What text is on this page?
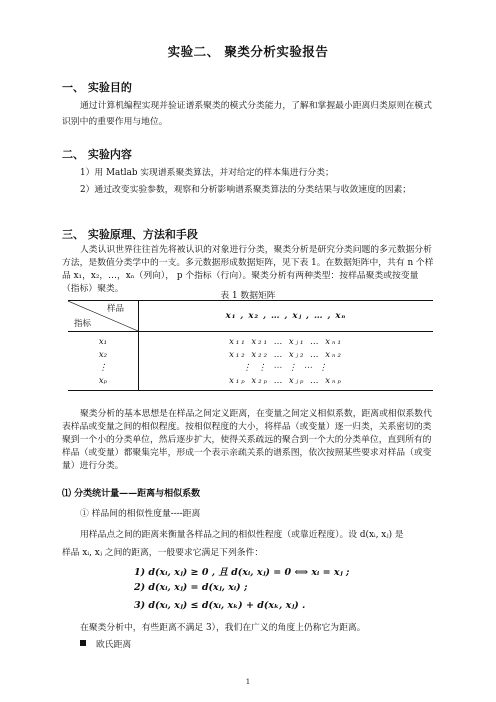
实验二、 聚类分析实验报告
一、 实验目的
通过计算机编程实现并验证谱系聚类的模式分类能力，了解和掌握最小距离归类原则在模式识别中的重要作用与地位。
二、 实验内容
1）用 Matlab 实现谱系聚类算法，并对给定的样本集进行分类；
2）通过改变实验参数，观察和分析影响谱系聚类算法的分类结果与收敛速度的因素；
三、 实验原理、方法和手段
人类认识世界往往首先将被认识的对象进行分类，聚类分析是研究分类问题的多元数据分析方法，是数值分类学中的一支。多元数据形成数据矩阵，见下表 1。在数据矩阵中，共有 n 个样品 x₁，x₂，…，xₙ（列向）， p 个指标（行向）。聚类分析有两种类型：按样品聚类或按变量（指标）聚类。
表 1 数据矩阵
样品
指标	x₁ , x₂ , … , xⱼ , … , xₙ
x₁	x₁₁ x₂₁ … xⱼ₁ … xₙ₁
x₂	x₁₂ x₂₂ … xⱼ₂ … xₙ₂
⋮	⋮ ⋮ ⋯ ⋮ ⋯ ⋮
xₚ	x₁ₚ x₂ₚ … xⱼₚ … xₙₚ
聚类分析的基本思想是在样品之间定义距离，在变量之间定义相似系数，距离或相似系数代表样品或变量之间的相似程度。按相似程度的大小，将样品（或变量）逐一归类，关系密切的类聚到一个小的分类单位，然后逐步扩大，使得关系疏远的聚合到一个大的分类单位，直到所有的样品（或变量）都聚集完毕，形成一个表示亲疏关系的谱系图，依次按照某些要求对样品（或变量）进行分类。
⑴ 分类统计量——距离与相似系数
① 样品间的相似性度量----距离
用样品点之间的距离来衡量各样品之间的相似性程度（或靠近程度）。设 d(xᵢ, xⱼ) 是
样品 xᵢ, xⱼ 之间的距离，一般要求它满足下列条件：
1) d(xᵢ, xⱼ) ≥ 0 , 且 d(xᵢ, xⱼ) = 0 ⟺ xᵢ = xⱼ ;
2) d(xᵢ, xⱼ) = d(xⱼ, xᵢ) ;
3) d(xᵢ, xⱼ) ≤ d(xᵢ, xₖ) + d(xₖ, xⱼ) .
在聚类分析中，有些距离不满足 3），我们在广义的角度上仍称它为距离。
欧氏距离
1
